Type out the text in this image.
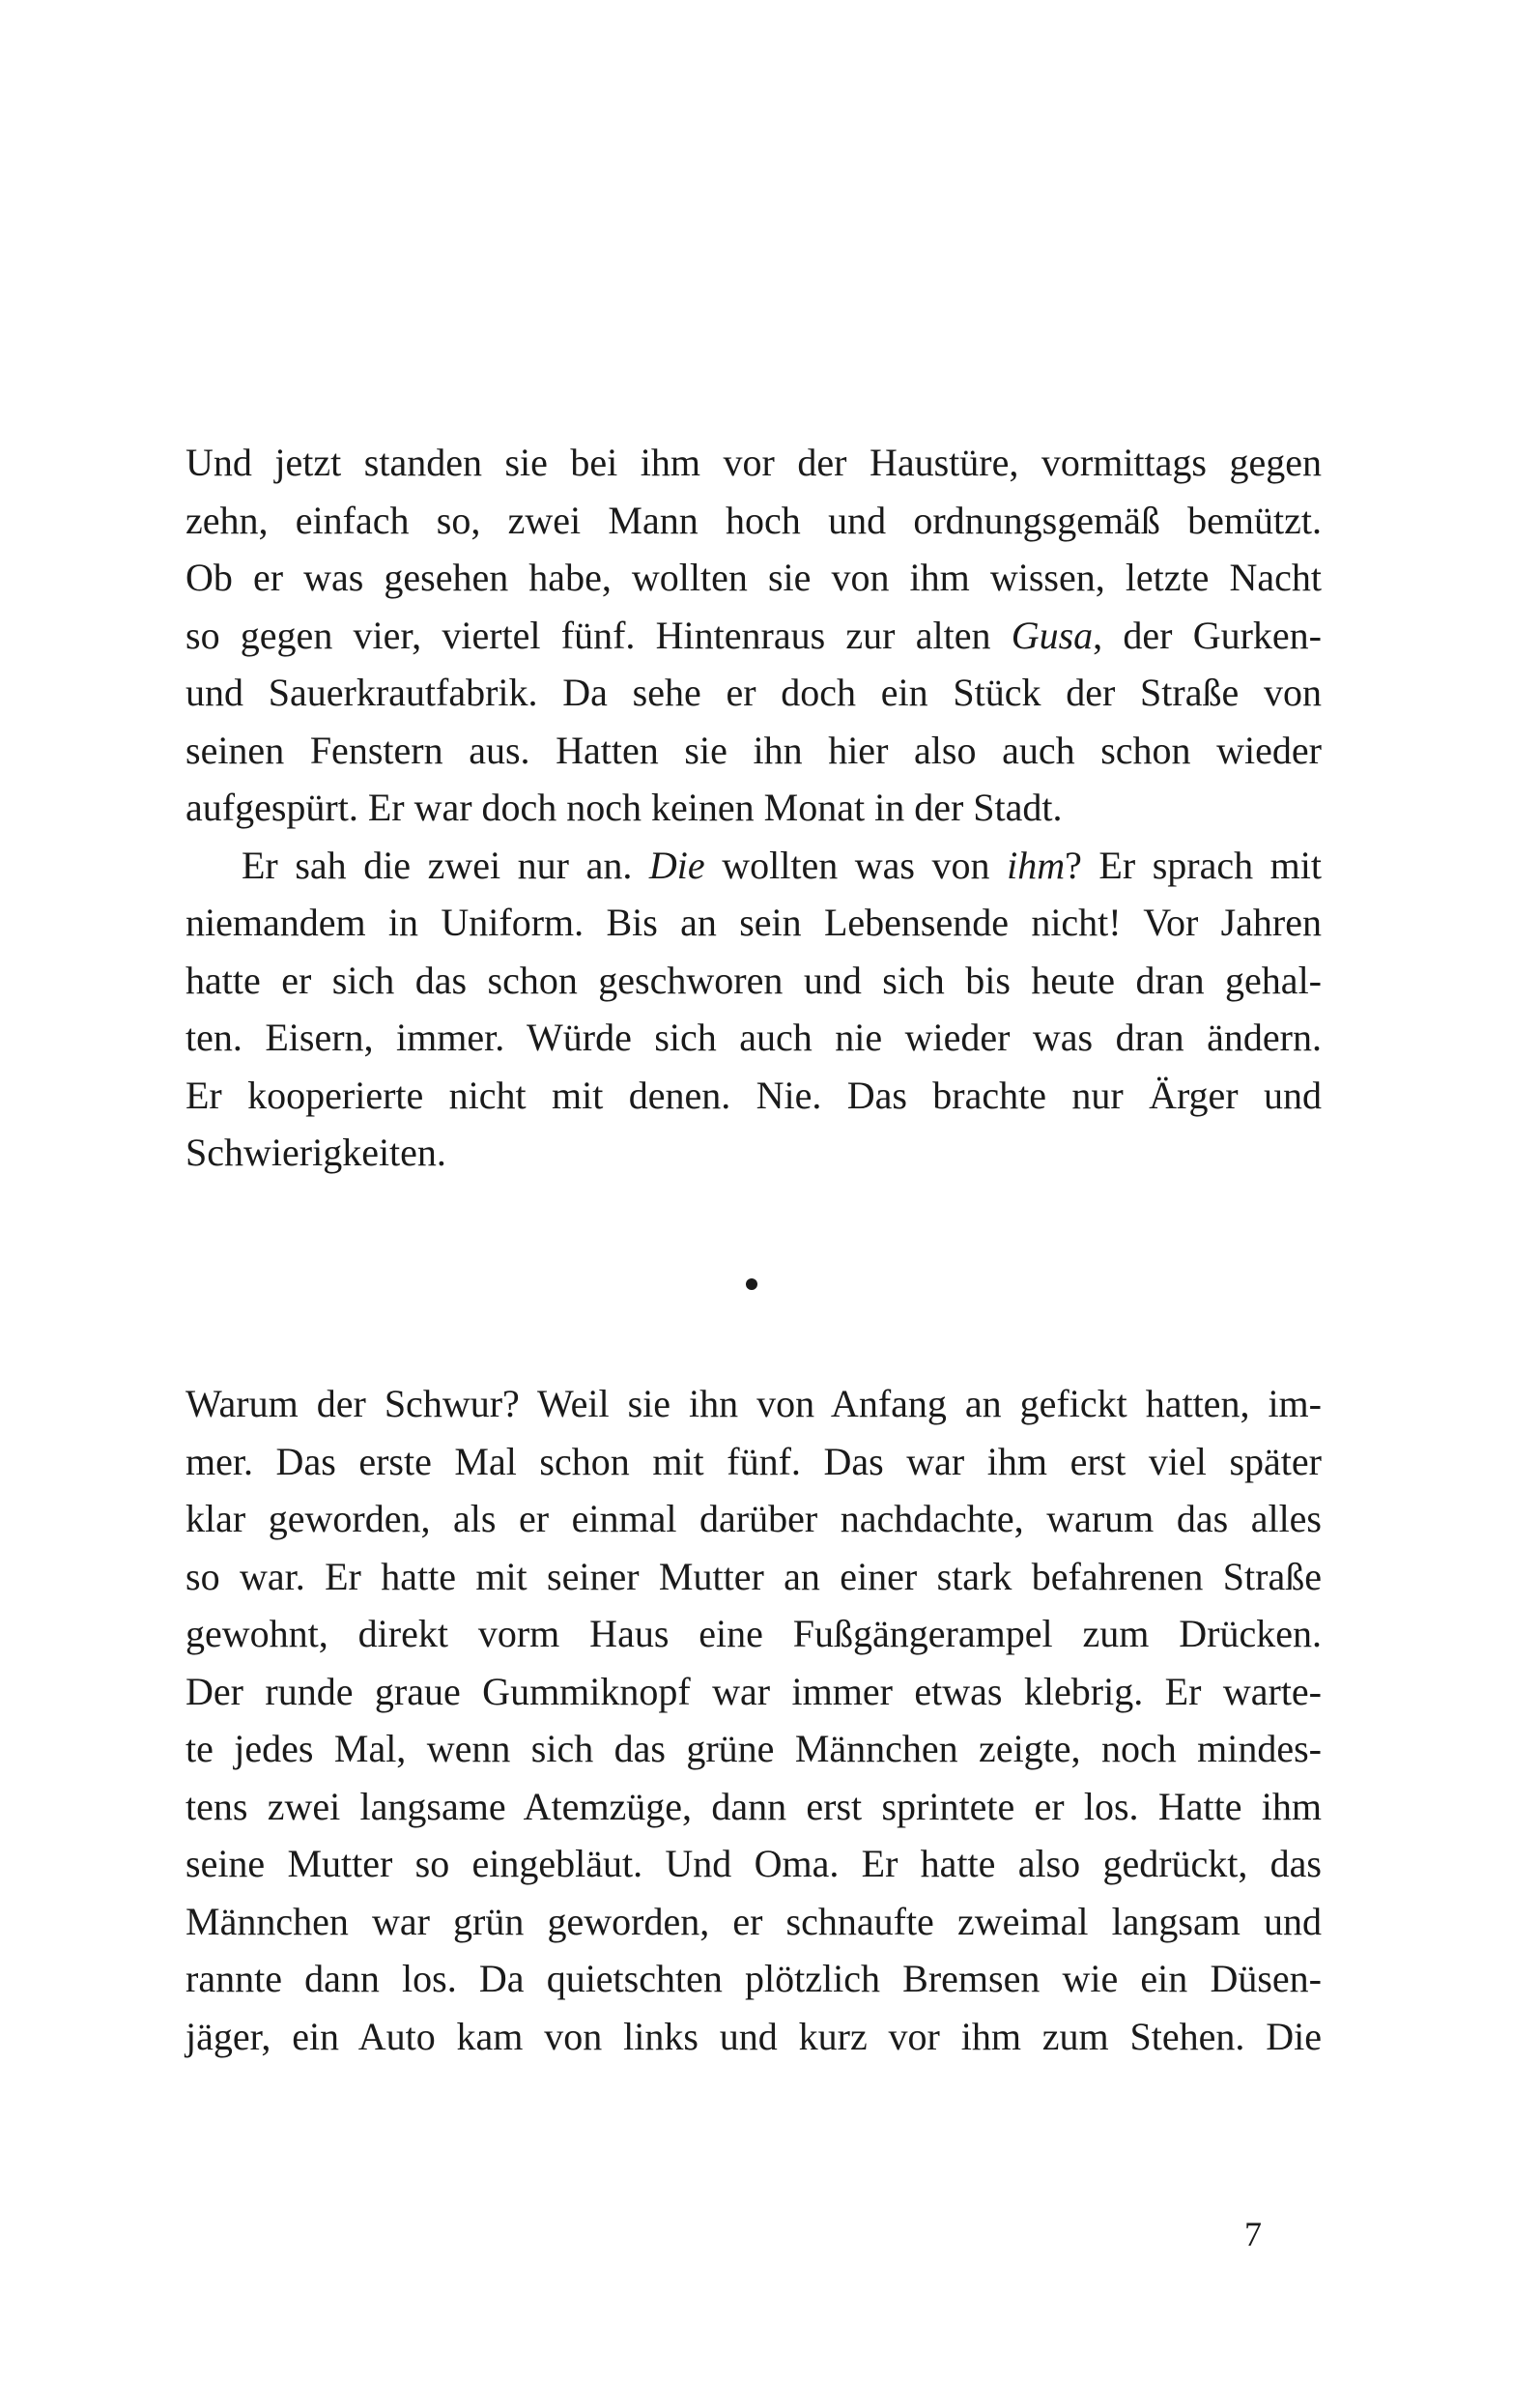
Und jetzt standen sie bei ihm vor der Haustüre, vormittags gegen
zehn, einfach so, zwei Mann hoch und ordnungsgemäß bemützt.
Ob er was gesehen habe, wollten sie von ihm wissen, letzte Nacht
so gegen vier, viertel fünf. Hintenraus zur alten Gusa, der Gurken-
und Sauerkrautfabrik. Da sehe er doch ein Stück der Straße von
seinen Fenstern aus. Hatten sie ihn hier also auch schon wieder
aufgespürt. Er war doch noch keinen Monat in der Stadt.
Er sah die zwei nur an. Die wollten was von ihm? Er sprach mit
niemandem in Uniform. Bis an sein Lebensende nicht! Vor Jahren
hatte er sich das schon geschworen und sich bis heute dran gehal-
ten. Eisern, immer. Würde sich auch nie wieder was dran ändern.
Er kooperierte nicht mit denen. Nie. Das brachte nur Ärger und
Schwierigkeiten.
Warum der Schwur? Weil sie ihn von Anfang an gefickt hatten, im-
mer. Das erste Mal schon mit fünf. Das war ihm erst viel später
klar geworden, als er einmal darüber nachdachte, warum das alles
so war. Er hatte mit seiner Mutter an einer stark befahrenen Straße
gewohnt, direkt vorm Haus eine Fußgängerampel zum Drücken.
Der runde graue Gummiknopf war immer etwas klebrig. Er warte-
te jedes Mal, wenn sich das grüne Männchen zeigte, noch mindes-
tens zwei langsame Atemzüge, dann erst sprintete er los. Hatte ihm
seine Mutter so eingebläut. Und Oma. Er hatte also gedrückt, das
Männchen war grün geworden, er schnaufte zweimal langsam und
rannte dann los. Da quietschten plötzlich Bremsen wie ein Düsen-
jäger, ein Auto kam von links und kurz vor ihm zum Stehen. Die
7
